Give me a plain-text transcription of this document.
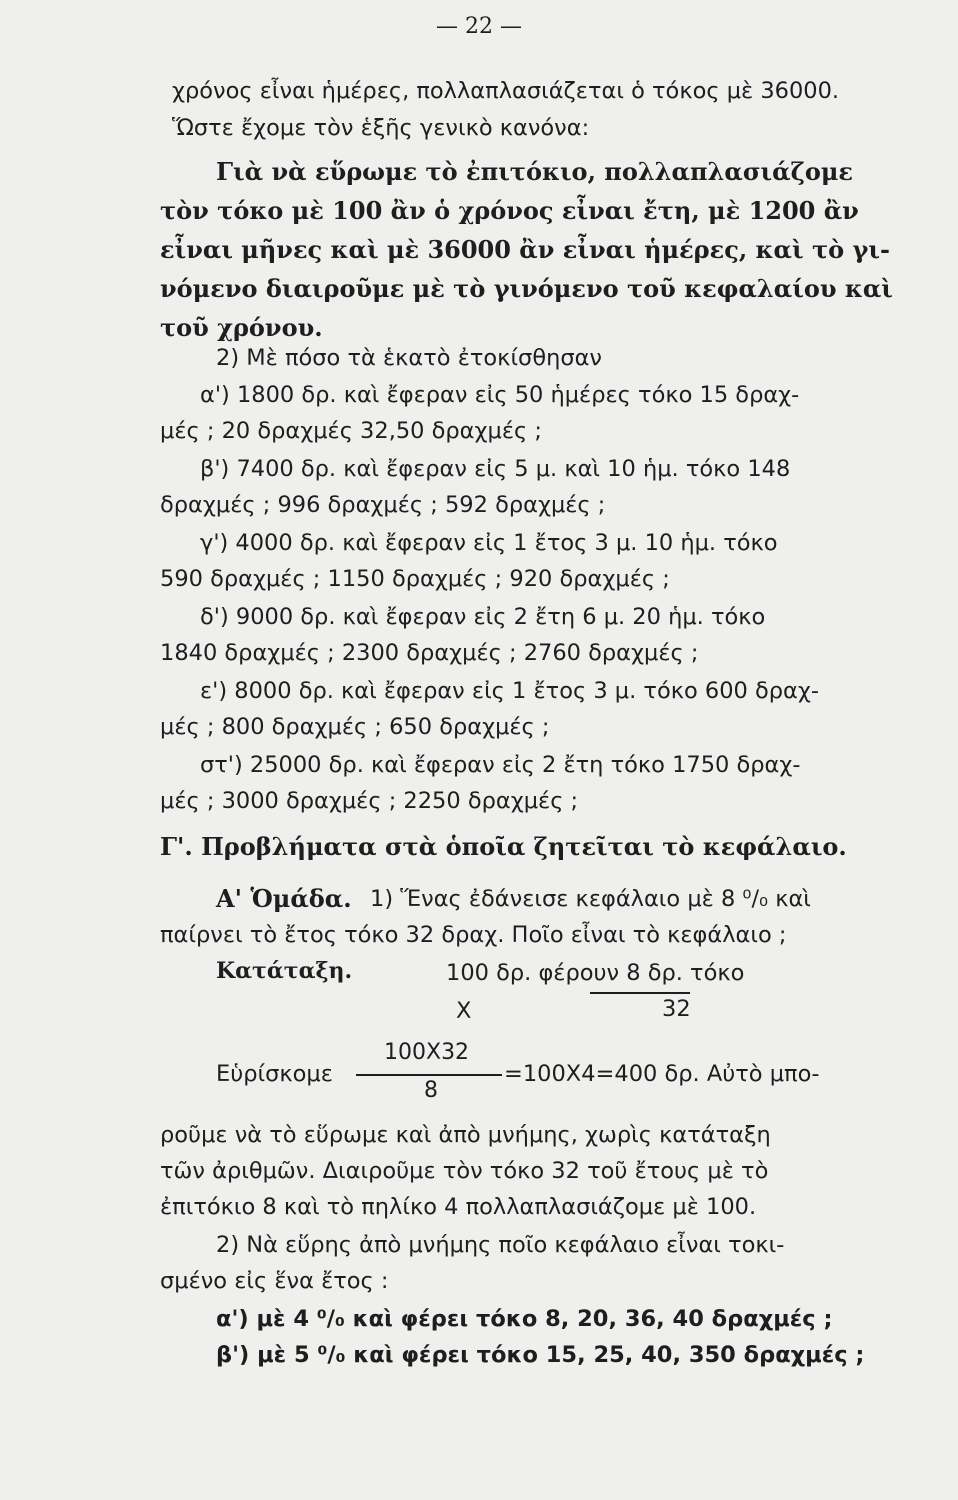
— 22 —
χρόνος εἶναι ἡμέρες, πολλαπλασιάζεται ὁ τόκος μὲ 36000.
Ὥστε ἔχομε τὸν ἑξῆς γενικὸ κανόνα:
Γιὰ νὰ εὕρωμε τὸ ἐπιτόκιο, πολλαπλασιάζομε
τὸν τόκο μὲ 100 ἂν ὁ χρόνος εἶναι ἔτη, μὲ 1200 ἂν
εἶναι μῆνες καὶ μὲ 36000 ἂν εἶναι ἡμέρες, καὶ τὸ γι-
νόμενο διαιροῦμε μὲ τὸ γινόμενο τοῦ κεφαλαίου καὶ
τοῦ χρόνου.
2) Μὲ πόσο τὰ ἑκατὸ ἐτοκίσθησαν
α') 1800 δρ. καὶ ἔφεραν εἰς 50 ἡμέρες τόκο 15 δραχ-
μές ; 20 δραχμές 32,50 δραχμές ;
β') 7400 δρ. καὶ ἔφεραν εἰς 5 μ. καὶ 10 ἡμ. τόκο 148
δραχμές ; 996 δραχμές ; 592 δραχμές ;
γ') 4000 δρ. καὶ ἔφεραν εἰς 1 ἔτος 3 μ. 10 ἡμ. τόκο
590 δραχμές ; 1150 δραχμές ; 920 δραχμές ;
δ') 9000 δρ. καὶ ἔφεραν εἰς 2 ἔτη 6 μ. 20 ἡμ. τόκο
1840 δραχμές ; 2300 δραχμές ; 2760 δραχμές ;
ε') 8000 δρ. καὶ ἔφεραν εἰς 1 ἔτος 3 μ. τόκο 600 δραχ-
μές ; 800 δραχμές ; 650 δραχμές ;
στ') 25000 δρ. καὶ ἔφεραν εἰς 2 ἔτη τόκο 1750 δραχ-
μές ; 3000 δραχμές ; 2250 δραχμές ;
Γ'. Προβλήματα στὰ ὁποῖα ζητεῖται τὸ κεφάλαιο.
Α' Ὁμάδα. 1) Ἕνας ἐδάνεισε κεφάλαιο μὲ 8 ⁰/₀ καὶ
παίρνει τὸ ἔτος τόκο 32 δραχ. Ποῖο εἶναι τὸ κεφάλαιο ;
Κατάταξη.	100 δρ. φέρουν 8 δρ. τόκο
Χ	32
Εὑρίσκομε
100Χ32
8
=100Χ4=400 δρ. Αὐτὸ μπο-
ροῦμε νὰ τὸ εὕρωμε καὶ ἀπὸ μνήμης, χωρὶς κατάταξη
τῶν ἀριθμῶν. Διαιροῦμε τὸν τόκο 32 τοῦ ἔτους μὲ τὸ
ἐπιτόκιο 8 καὶ τὸ πηλίκο 4 πολλαπλασιάζομε μὲ 100.
2) Νὰ εὕρης ἀπὸ μνήμης ποῖο κεφάλαιο εἶναι τοκι-
σμένο εἰς ἕνα ἔτος :
α') μὲ 4 ⁰/₀ καὶ φέρει τόκο 8, 20, 36, 40 δραχμές ;
β') μὲ 5 ⁰/₀ καὶ φέρει τόκο 15, 25, 40, 350 δραχμές ;
